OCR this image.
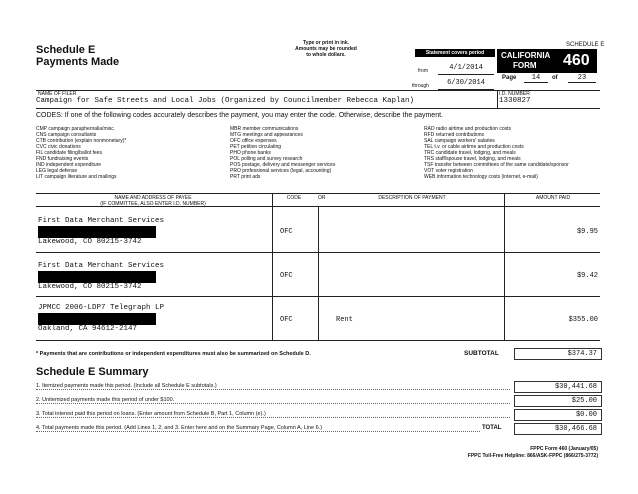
SCHEDULE E
Schedule E
Payments Made
Type or print in ink.
Amounts may be rounded
to whole dollars.	Statement covers period
from	4/1/2014
through	6/30/2014
CALIFORNIA
FORM 460
Page	14	of	23
NAME OF FILER
Campaign for Safe Streets and Local Jobs (Organized by Councilmember Rebecca Kaplan)
I.D. NUMBER
1330827
CODES: If one of the following codes accurately describes the payment, you may enter the code. Otherwise, describe the payment.
CMP campaign paraphernalia/misc.
CNS campaign consultants
CTB contribution (explain nonmonetary)*
CVC civic donations
FIL candidate filing/ballot fees
FND fundraising events
IND independent expenditure
LEG legal defense
LIT campaign literature and mailings
MBR member communications
MTG meetings and appearances
OFC office expenses
PET petition circulating
PHO phone banks
POL polling and survey research
POS postage, delivery and messenger services
PRO professional services (legal, accounting)
PRT print ads
RAD radio airtime and production costs
RFD returned contributions
SAL campaign workers' salaries
TEL t.v. or cable airtime and production costs
TRC candidate travel, lodging, and meals
TRS staff/spouse travel, lodging, and meals
TSF transfer between committees of the same candidate/sponsor
VOT voter registration
WEB information technology costs (internet, e-mail)
NAME AND ADDRESS OF PAYEE
(IF COMMITTEE, ALSO ENTER I.D. NUMBER)
CODE	OR	DESCRIPTION OF PAYMENT	AMOUNT PAID
First Data Merchant Services
Lakewood, CO 80215-3742
OFC	$9.95
First Data Merchant Services
Lakewood, CO 80215-3742
OFC	$9.42
JPMCC 2006-LDP7 Telegraph LP
Oakland, CA 94612-2147
OFC	Rent	$355.00
* Payments that are contributions or independent expenditures must also be summarized on Schedule D.	SUBTOTAL	$374.37
Schedule E Summary
1. Itemized payments made this period. (Include all Schedule E subtotals.)	$30,441.68
2. Unitemized payments made this period of under $100.	$25.00
3. Total interest paid this period on loans. (Enter amount from Schedule B, Part 1, Column (e).)	$0.00
4. Total payments made this period. (Add Lines 1, 2, and 3. Enter here and on the Summary Page, Column A, Line 6.)	TOTAL	$30,466.68
FPPC Form 460 (January/05)
FPPC Toll-Free Helpline: 866/ASK-FPPC (866/275-3772)
